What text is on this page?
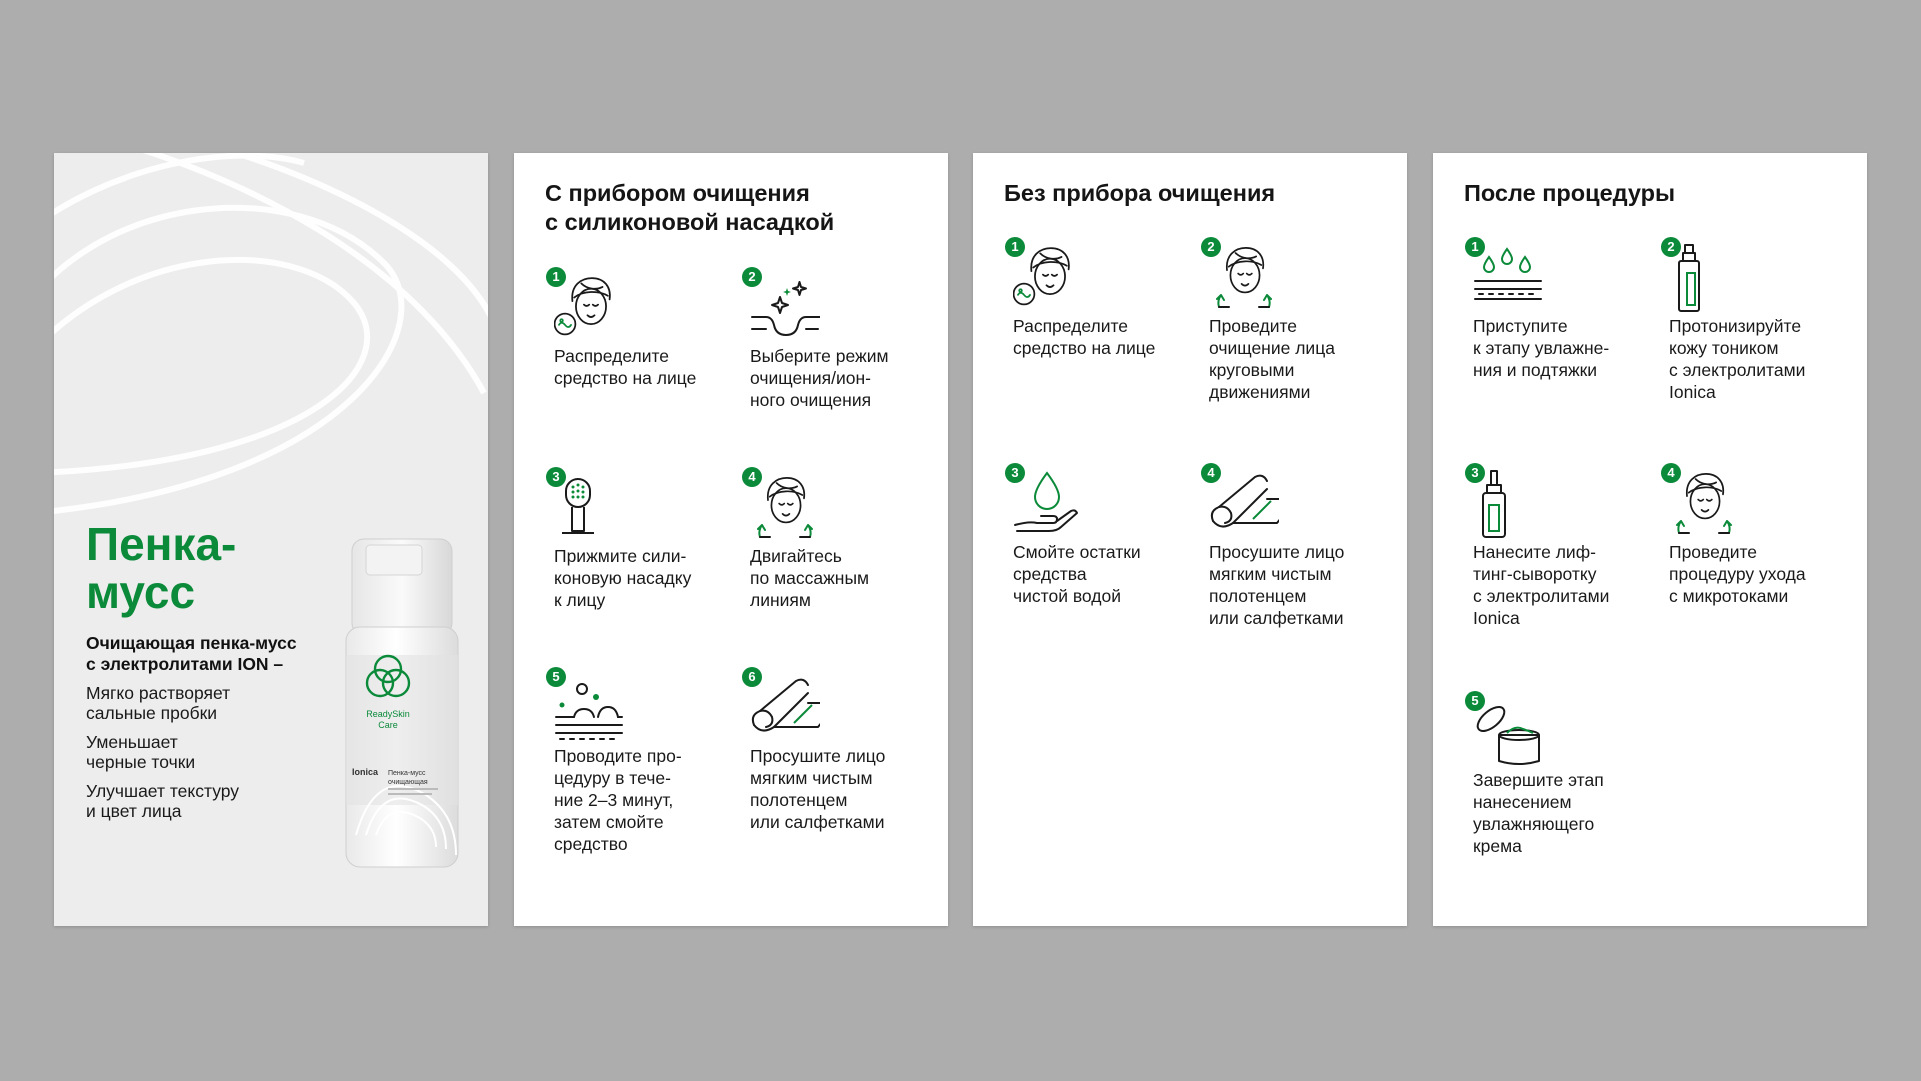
Пенка-
мусс
Очищающая пенка-мусс
с электролитами ION –
Мягко растворяет
сальные пробки
Уменьшает
черные точки
Улучшает текстуру
и цвет лица
ReadySkin
Care
Ionica Пенка-мусс
очищающая
С прибором очищения
с силиконовой насадкой
1
Распределите
средство на лице
2
Выберите режим
очищения/ион-
ного очищения
3
Прижмите сили-
коновую насадку
к лицу
4
Двигайтесь
по массажным
линиям
5
Проводите про-
цедуру в течe-
ние 2–3 минут,
затем смойте
средство
6
Просушите лицо
мягким чистым
полотенцем
или салфетками
Без прибора очищения
1
Распределите
средство на лице
2
Проведите
очищение лица
круговыми
движениями
3
Смойте остатки
средства
чистой водой
4
Просушите лицо
мягким чистым
полотенцем
или салфетками
После процедуры
1
Приступите
к этапу увлажне-
ния и подтяжки
2
Протонизируйте
кожу тоником
с электролитами
Ionica
3
Нанесите лиф-
тинг-сыворотку
с электролитами
Ionica
4
Проведите
процедуру ухода
с микротоками
5
Завершите этап
нанесением
увлажняющего
крема
